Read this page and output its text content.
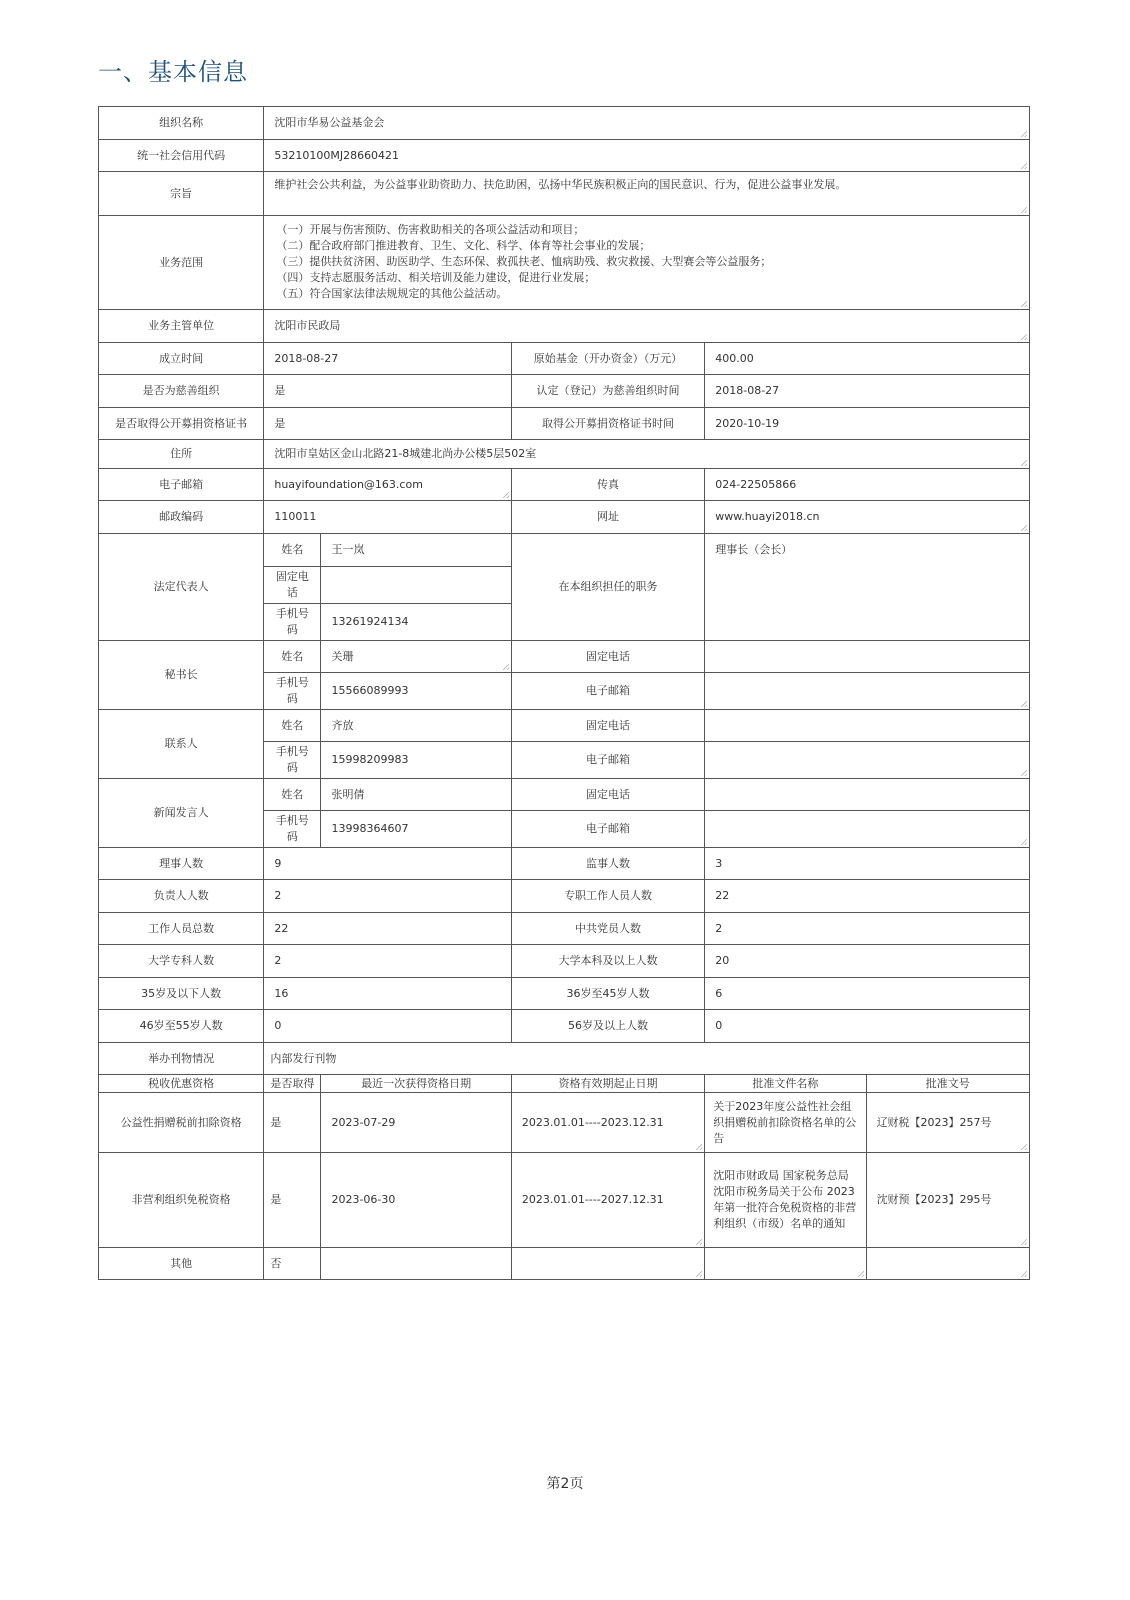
一、基本信息
组织名称	沈阳市华易公益基金会				
统一社会信用代码	53210100MJ28660421				
宗旨	维护社会公共利益，为公益事业助资助力、扶危助困，弘扬中华民族积极正向的国民意识、行为，促进公益事业发展。				
业务范围	（一）开展与伤害预防、伤害救助相关的各项公益活动和项目；
（二）配合政府部门推进教育、卫生、文化、科学、体育等社会事业的发展；
（三）提供扶贫济困、助医助学、生态环保、救孤扶老、恤病助残、救灾救援、大型赛会等公益服务；
（四）支持志愿服务活动、相关培训及能力建设，促进行业发展；
（五）符合国家法律法规规定的其他公益活动。				
业务主管单位	沈阳市民政局				
成立时间	2018-08-27		原始基金（开办资金）（万元）	400.00	
是否为慈善组织	是		认定（登记）为慈善组织时间	2018-08-27	
是否取得公开募捐资格证书	是		取得公开募捐资格证书时间	2020-10-19	
住所	沈阳市皇姑区金山北路21-8城建北尚办公楼5层502室				
电子邮箱	huayifoundation@163.com		传真	024-22505866	
邮政编码	110011		网址	www.huayi2018.cn	
法定代表人	姓名	王一岚	在本组织担任的职务	理事长（会长）	
	固定电话				
	手机号码	13261924134			
秘书长	姓名	关珊	固定电话		
	手机号码	15566089993	电子邮箱		
联系人	姓名	齐放	固定电话		
	手机号码	15998209983	电子邮箱		
新闻发言人	姓名	张明倩	固定电话		
	手机号码	13998364607	电子邮箱		
理事人数	9		监事人数	3	
负责人人数	2		专职工作人员人数	22	
工作人员总数	22		中共党员人数	2	
大学专科人数	2		大学本科及以上人数	20	
35岁及以下人数	16		36岁至45岁人数	6	
46岁至55岁人数	0		56岁及以上人数	0	
举办刊物情况	内部发行刊物				
税收优惠资格	是否取得	最近一次获得资格日期	资格有效期起止日期	批准文件名称	批准文号
公益性捐赠税前扣除资格	是	2023-07-29	2023.01.01----2023.12.31	关于2023年度公益性社会组织捐赠税前扣除资格名单的公告	辽财税【2023】257号
非营利组织免税资格	是	2023-06-30	2023.01.01----2027.12.31	沈阳市财政局 国家税务总局沈阳市税务局关于公布 2023 年第一批符合免税资格的非营利组织（市级）名单的通知	沈财预【2023】295号
其他	否				
第2页
